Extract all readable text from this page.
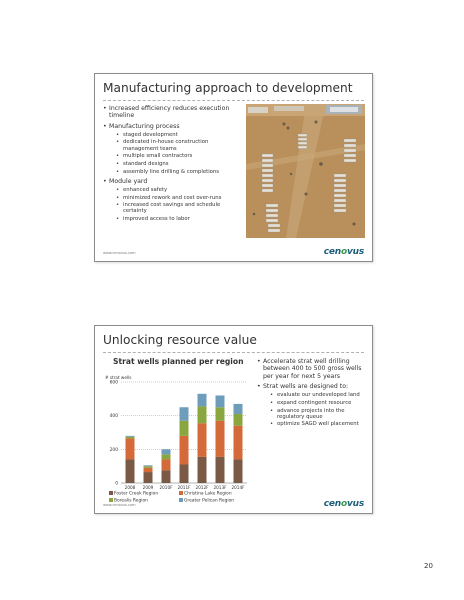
Manufacturing approach to development
• Increased efficiency reduces execution timeline
• Manufacturing process
• staged development
• dedicated in-house construction management teams
• multiple small contractors
• standard designs
• assembly line drilling & completions
• Module yard
• enhanced safety
• minimized rework and cost over-runs
• increased cost savings and schedule certainty
• improved access to labor
www.cenovus.com	cenovus
Unlocking resource value
Strat wells planned per region
# strat wells
0
200
400
600
2008 2009 2010F 2011F 2012F 2013F 2014F
Foster Creek Region	Christina Lake Region
Borealis Region	Greater Pelican Region
• Accelerate strat well drilling between 400 to 500 gross wells per year for next 5 years
• Strat wells are designed to:
• evaluate our undeveloped land
• expand contingent resource
• advance projects into the regulatory queue
• optimize SAGD well placement
www.cenovus.com	cenovus
20
